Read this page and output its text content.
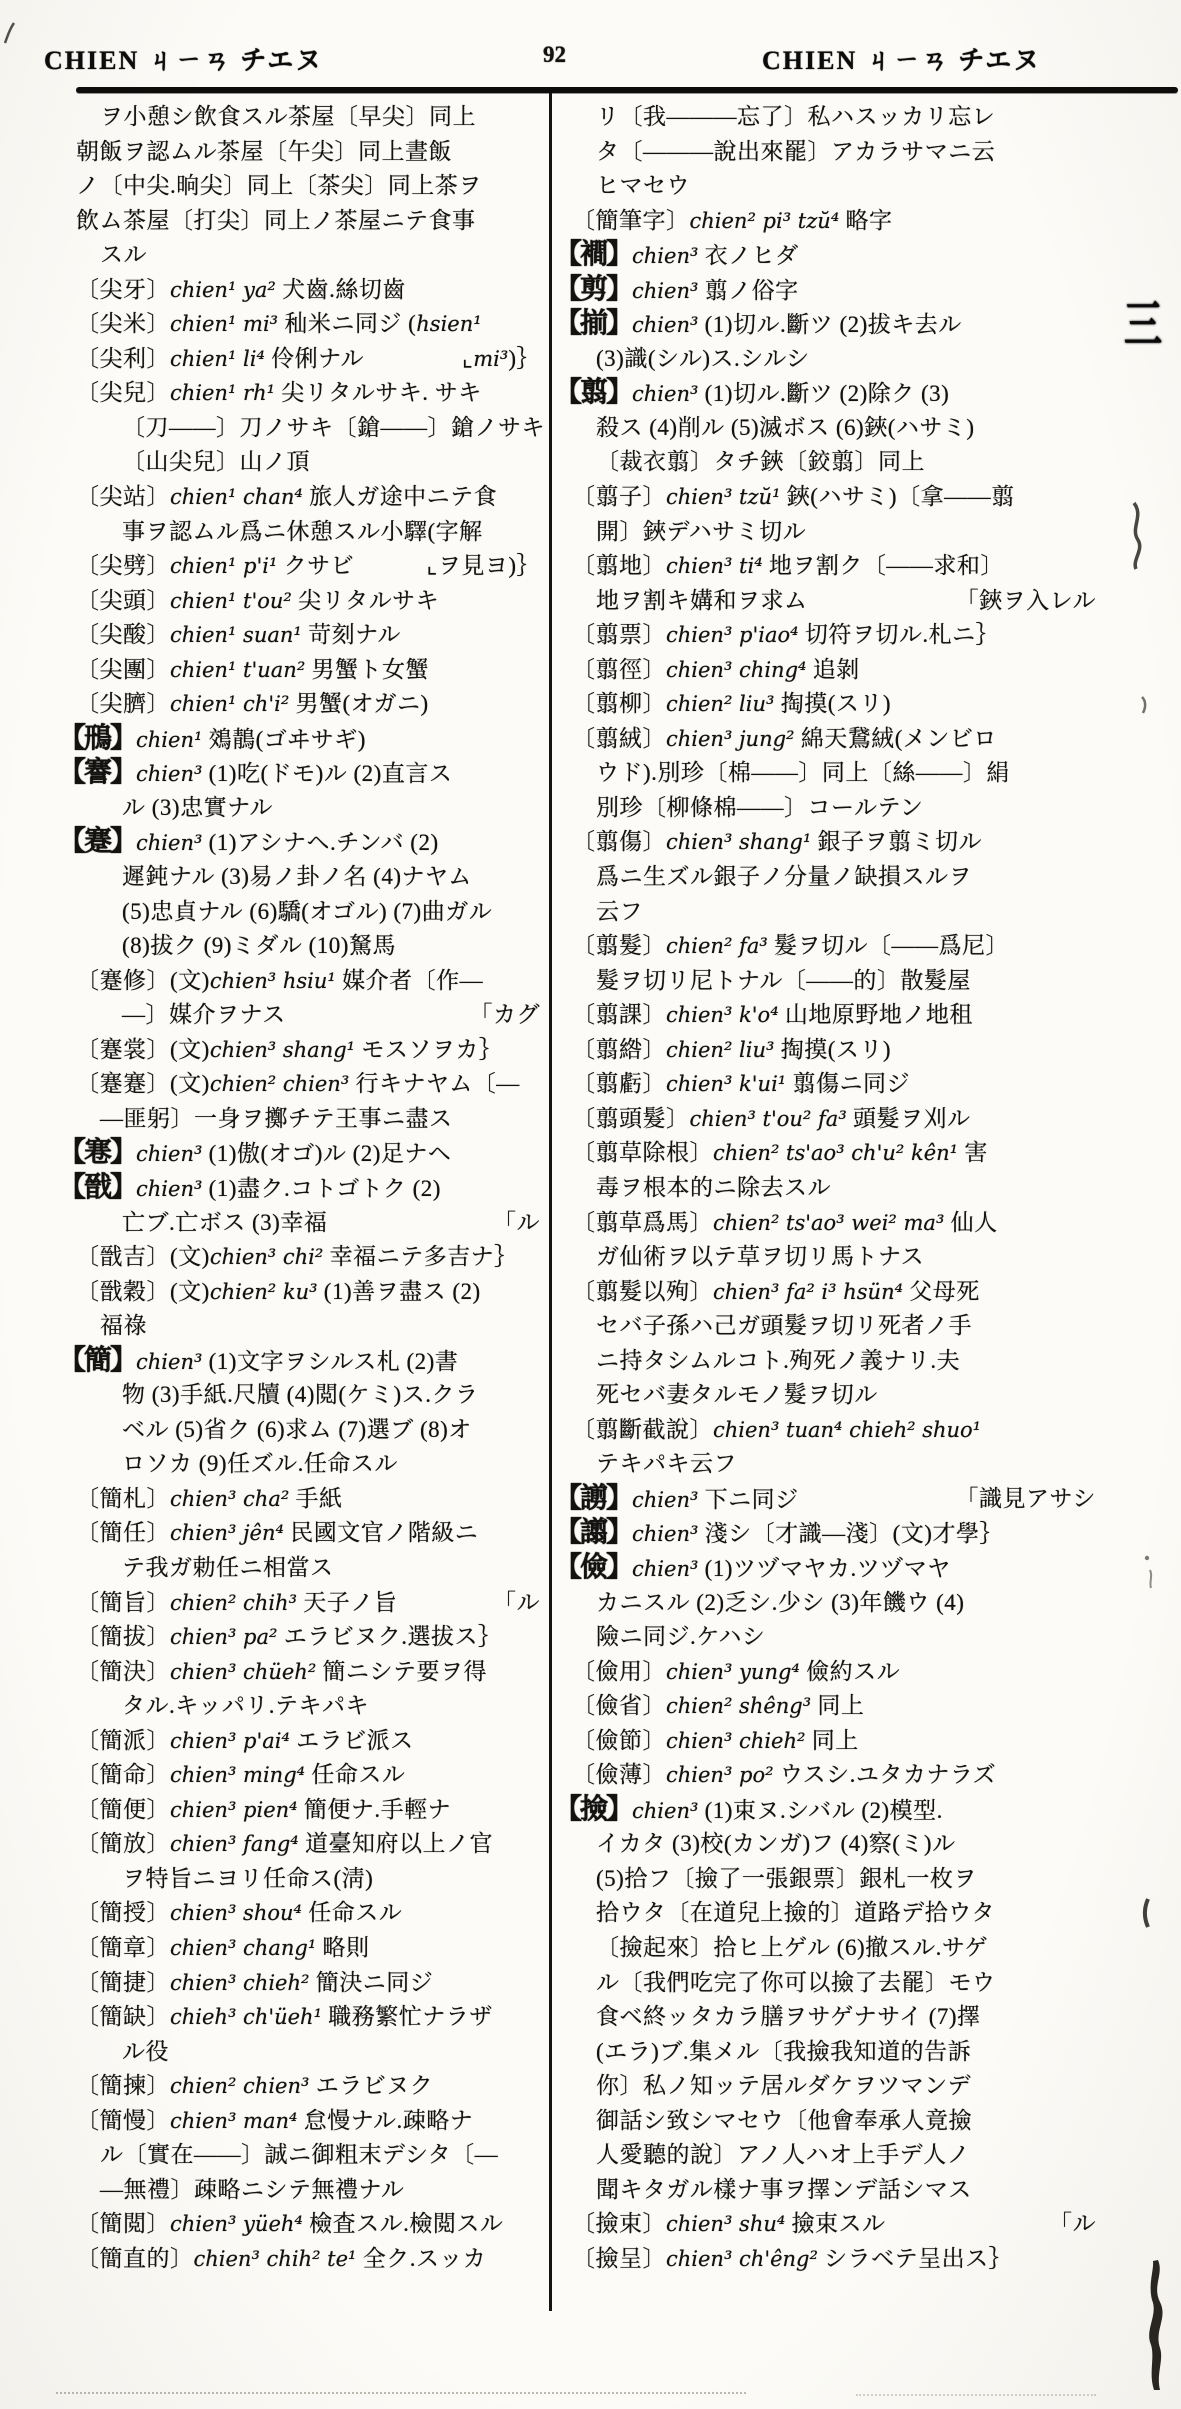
CHIEN ㄐㄧㄢ チエヌ	92	CHIEN ㄐㄧㄢ チエヌ
ヲ小憩シ飲食スル茶屋〔早尖〕同上
朝飯ヲ認ムル茶屋〔午尖〕同上晝飯
ノ〔中尖.晌尖〕同上〔茶尖〕同上茶ヲ
飲ム茶屋〔打尖〕同上ノ茶屋ニテ食事
スル
〔尖牙〕chien¹ ya² 犬齒.絲切齒
〔尖米〕chien¹ mi³ 秈米ニ同ジ (hsien¹
⌞mi³)｝
〔尖利〕chien¹ li⁴ 伶俐ナル
〔尖兒〕chien¹ rh¹ 尖リタルサキ. サキ
〔刀——〕刀ノサキ〔鎗——〕鎗ノサキ
〔山尖兒〕山ノ頂
〔尖站〕chien¹ chan⁴ 旅人ガ途中ニテ食
事ヲ認ムル爲ニ休憩スル小驛(字解
⌞ヲ見ヨ)｝
〔尖劈〕chien¹ p'i¹ クサビ
〔尖頭〕chien¹ t'ou² 尖リタルサキ
〔尖酸〕chien¹ suan¹ 苛刻ナル
〔尖團〕chien¹ t'uan² 男蟹ト女蟹
〔尖臍〕chien¹ ch'i² 男蟹(オガニ)
【鳽】chien¹ 鵁鶄(ゴヰサギ)
【謇】chien³ (1)吃(ドモ)ル (2)直言ス
ル (3)忠實ナル
【蹇】chien³ (1)アシナヘ.チンバ (2)
遲鈍ナル (3)易ノ卦ノ名 (4)ナヤム
(5)忠貞ナル (6)驕(オゴル) (7)曲ガル
(8)拔ク (9)ミダル (10)駑馬
〔蹇修〕(文)chien³ hsiu¹ 媒介者〔作—
「カグ
—〕媒介ヲナス
〔蹇裳〕(文)chien³ shang¹ モスソヲカ｝
〔蹇蹇〕(文)chien² chien³ 行キナヤム〔—
—匪躬〕一身ヲ擲チテ王事ニ盡ス
【寋】chien³ (1)傲(オゴ)ル (2)足ナヘ
【戩】chien³ (1)盡ク.コトゴトク (2)
「ル
亡ブ.亡ボス (3)幸福
〔戩吉〕(文)chien³ chi² 幸福ニテ多吉ナ｝
〔戩穀〕(文)chien² ku³ (1)善ヲ盡ス (2)
福祿
【簡】chien³ (1)文字ヲシルス札 (2)書
物 (3)手紙.尺牘 (4)閲(ケミ)ス.クラ
ベル (5)省ク (6)求ム (7)選ブ (8)オ
ロソカ (9)任ズル.任命スル
〔簡札〕chien³ cha² 手紙
〔簡任〕chien³ jên⁴ 民國文官ノ階級ニ
テ我ガ勅任ニ相當ス
「ル
〔簡旨〕chien² chih³ 天子ノ旨
〔簡拔〕chien³ pa² エラビヌク.選拔ス｝
〔簡決〕chien³ chüeh² 簡ニシテ要ヲ得
タル.キッパリ.テキパキ
〔簡派〕chien³ p'ai⁴ エラビ派ス
〔簡命〕chien³ ming⁴ 任命スル
〔簡便〕chien³ pien⁴ 簡便ナ.手輕ナ
〔簡放〕chien³ fang⁴ 道臺知府以上ノ官
ヲ特旨ニヨリ任命ス(淸)
〔簡授〕chien³ shou⁴ 任命スル
〔簡章〕chien³ chang¹ 略則
〔簡捷〕chien³ chieh² 簡決ニ同ジ
〔簡缺〕chieh³ ch'üeh¹ 職務繁忙ナラザ
ル役
〔簡揀〕chien² chien³ エラビヌク
〔簡慢〕chien³ man⁴ 怠慢ナル.疎略ナ
ル〔實在——〕誠ニ御粗末デシタ〔—
—無禮〕疎略ニシテ無禮ナル
〔簡閲〕chien³ yüeh⁴ 檢査スル.檢閲スル
〔簡直的〕chien³ chih² te¹ 全ク.スッカ
リ〔我———忘了〕私ハスッカリ忘レ
タ〔———說出來罷〕アカラサマニ云
ヒマセウ
〔簡筆字〕chien² pi³ tzŭ⁴ 略字
【襇】chien³ 衣ノヒダ
【剪】chien³ 翦ノ俗字
【揃】chien³ (1)切ル.斷ツ (2)拔キ去ル
(3)識(シル)ス.シルシ
【翦】chien³ (1)切ル.斷ツ (2)除ク (3)
殺ス (4)削ル (5)滅ボス (6)鋏(ハサミ)
〔裁衣翦〕タチ鋏〔鉸翦〕同上
〔翦子〕chien³ tzŭ¹ 鋏(ハサミ)〔拿——翦
開〕鋏デハサミ切ル
〔翦地〕chien³ ti⁴ 地ヲ割ク〔——求和〕
「鋏ヲ入レル
地ヲ割キ媾和ヲ求ム
〔翦票〕chien³ p'iao⁴ 切符ヲ切ル.札ニ｝
〔翦徑〕chien³ ching⁴ 追剝
〔翦柳〕chien² liu³ 掏摸(スリ)
〔翦絨〕chien³ jung² 綿天鵞絨(メンビロ
ウド).別珍〔棉——〕同上〔絲——〕絹
別珍〔柳條棉——〕コールテン
〔翦傷〕chien³ shang¹ 銀子ヲ翦ミ切ル
爲ニ生ズル銀子ノ分量ノ缺損スルヲ
云フ
〔翦髮〕chien² fa³ 髮ヲ切ル〔——爲尼〕
髮ヲ切リ尼トナル〔——的〕散髮屋
〔翦課〕chien³ k'o⁴ 山地原野地ノ地租
〔翦綹〕chien² liu³ 掏摸(スリ)
〔翦虧〕chien³ k'ui¹ 翦傷ニ同ジ
〔翦頭髮〕chien³ t'ou² fa³ 頭髮ヲ刈ル
〔翦草除根〕chien² ts'ao³ ch'u² kên¹ 害
毒ヲ根本的ニ除去スル
〔翦草爲馬〕chien² ts'ao³ wei² ma³ 仙人
ガ仙術ヲ以テ草ヲ切リ馬トナス
〔翦髮以殉〕chien³ fa² i³ hsün⁴ 父母死
セバ子孫ハ己ガ頭髮ヲ切リ死者ノ手
ニ持タシムルコト.殉死ノ義ナリ.夫
死セバ妻タルモノ髮ヲ切ル
〔翦斷截說〕chien³ tuan⁴ chieh² shuo¹
テキパキ云フ
「識見アサシ
【謭】chien³ 下ニ同ジ
【譾】chien³ 淺シ〔才識—淺〕(文)才學｝
【儉】chien³ (1)ツヅマヤカ.ツヅマヤ
カニスル (2)乏シ.少シ (3)年饑ウ (4)
險ニ同ジ.ケハシ
〔儉用〕chien³ yung⁴ 儉約スル
〔儉省〕chien² shêng³ 同上
〔儉節〕chien³ chieh² 同上
〔儉薄〕chien³ po² ウスシ.ユタカナラズ
【撿】chien³ (1)束ヌ.シバル (2)模型.
イカタ (3)校(カンガ)フ (4)察(ミ)ル
(5)拾フ〔撿了一張銀票〕銀札一枚ヲ
拾ウタ〔在道兒上撿的〕道路デ拾ウタ
〔撿起來〕拾ヒ上ゲル (6)撤スル.サゲ
ル〔我們吃完了你可以撿了去罷〕モウ
食ベ終ッタカラ膳ヲサゲナサイ (7)擇
(エラ)ブ.集メル〔我撿我知道的告訴
你〕私ノ知ッテ居ルダケヲツマンデ
御話シ致シマセウ〔他會奉承人竟撿
人愛聽的說〕アノ人ハオ上手デ人ノ
聞キタガル樣ナ事ヲ擇ンデ話シマス
「ル
〔撿束〕chien³ shu⁴ 撿束スル
〔撿呈〕chien³ ch'êng² シラベテ呈出ス｝
三
